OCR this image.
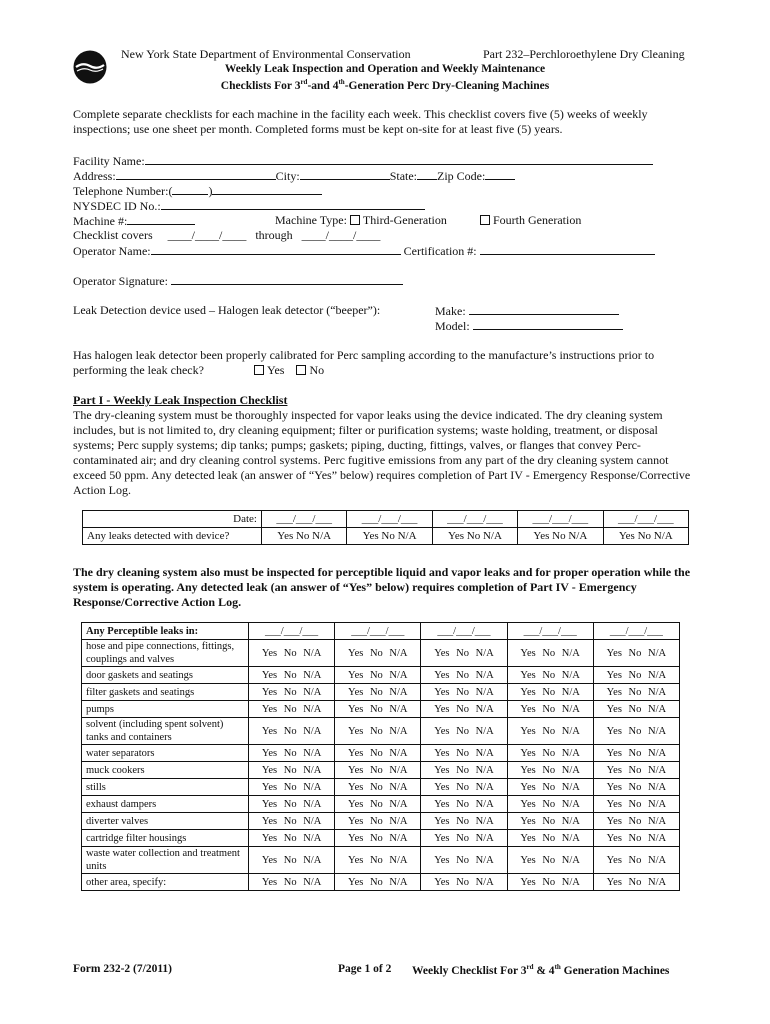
New York State Department of Environmental Conservation	Part 232–Perchloroethylene Dry Cleaning
Weekly Leak Inspection and Operation and Weekly Maintenance
Checklists For 3rd-and 4th-Generation Perc Dry-Cleaning Machines
Complete separate checklists for each machine in the facility each week. This checklist covers five (5) weeks of weekly inspections; use one sheet per month. Completed forms must be kept on-site for at least five (5) years.
Facility Name:
Address:	City:	State: Zip Code:
Telephone Number:(	)
NYSDEC ID No.:
Machine #:	Machine Type: Third-Generation	Fourth Generation
Checklist covers ____/____/____ through ____/____/____
Operator Name:	Certification #:
Operator Signature:
Leak Detection device used – Halogen leak detector (“beeper”):	Make:
Model:
Has halogen leak detector been properly calibrated for Perc sampling according to the manufacture’s instructions prior to
performing the leak check?	Yes No
Part I - Weekly Leak Inspection Checklist
The dry-cleaning system must be thoroughly inspected for vapor leaks using the device indicated. The dry cleaning system includes, but is not limited to, dry cleaning equipment; filter or purification systems; waste holding, treatment, or disposal systems; Perc supply systems; dip tanks; pumps; gaskets; piping, ducting, fittings, valves, or flanges that convey Perc-contaminated air; and dry cleaning control systems. Perc fugitive emissions from any part of the dry cleaning system cannot exceed 50 ppm. Any detected leak (an answer of “Yes” below) requires completion of Part IV - Emergency Response/Corrective Action Log.
Date:	___/___/___	___/___/___	___/___/___	___/___/___	___/___/___
Any leaks detected with device?	Yes No N/A	Yes No N/A	Yes No N/A	Yes No N/A	Yes No N/A
The dry cleaning system also must be inspected for perceptible liquid and vapor leaks and for proper operation while the system is operating. Any detected leak (an answer of “Yes” below) requires completion of Part IV - Emergency Response/Corrective Action Log.
Any Perceptible leaks in:	___/___/___	___/___/___	___/___/___	___/___/___	___/___/___
hose and pipe connections, fittings, couplings and valves	Yes No N/A	Yes No N/A	Yes No N/A	Yes No N/A	Yes No N/A
door gaskets and seatings	Yes No N/A	Yes No N/A	Yes No N/A	Yes No N/A	Yes No N/A
filter gaskets and seatings	Yes No N/A	Yes No N/A	Yes No N/A	Yes No N/A	Yes No N/A
pumps	Yes No N/A	Yes No N/A	Yes No N/A	Yes No N/A	Yes No N/A
solvent (including spent solvent) tanks and containers	Yes No N/A	Yes No N/A	Yes No N/A	Yes No N/A	Yes No N/A
water separators	Yes No N/A	Yes No N/A	Yes No N/A	Yes No N/A	Yes No N/A
muck cookers	Yes No N/A	Yes No N/A	Yes No N/A	Yes No N/A	Yes No N/A
stills	Yes No N/A	Yes No N/A	Yes No N/A	Yes No N/A	Yes No N/A
exhaust dampers	Yes No N/A	Yes No N/A	Yes No N/A	Yes No N/A	Yes No N/A
diverter valves	Yes No N/A	Yes No N/A	Yes No N/A	Yes No N/A	Yes No N/A
cartridge filter housings	Yes No N/A	Yes No N/A	Yes No N/A	Yes No N/A	Yes No N/A
waste water collection and treatment units	Yes No N/A	Yes No N/A	Yes No N/A	Yes No N/A	Yes No N/A
other area, specify:	Yes No N/A	Yes No N/A	Yes No N/A	Yes No N/A	Yes No N/A
Form 232-2 (7/2011)	Page 1 of 2 Weekly Checklist For 3rd & 4th Generation Machines
